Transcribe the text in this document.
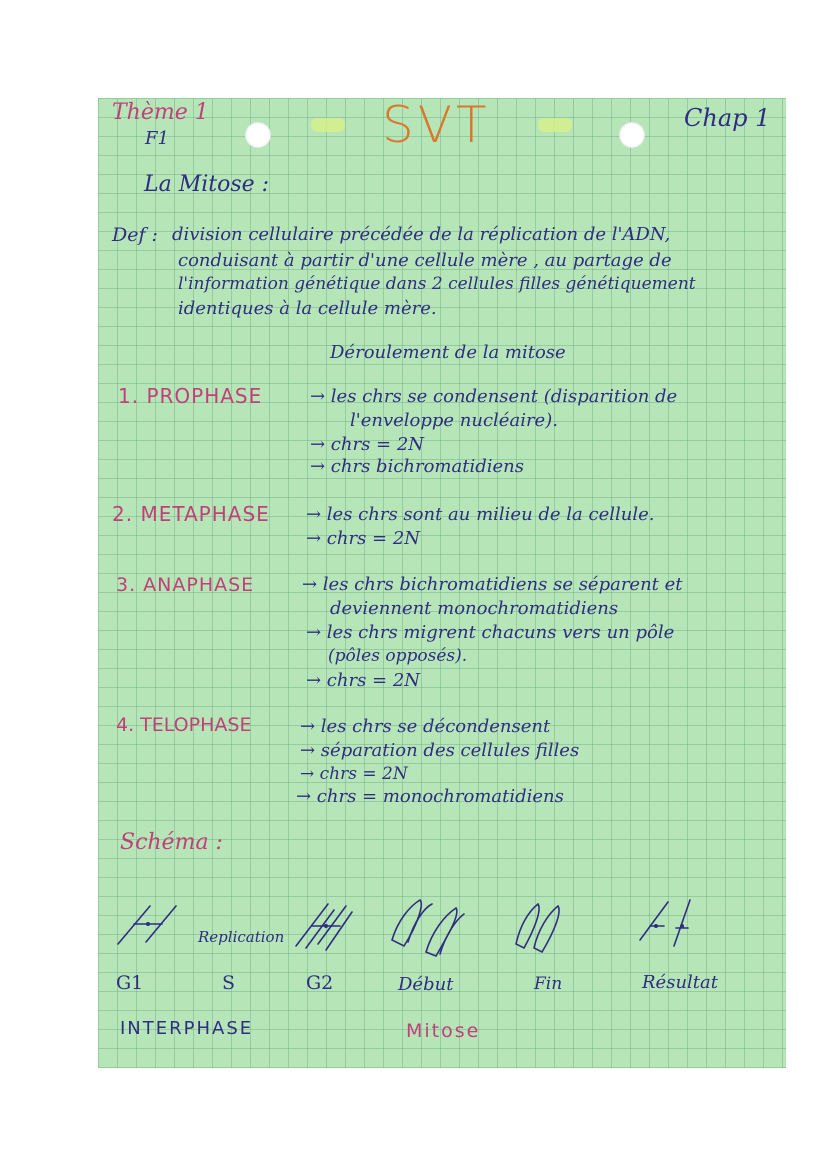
Thème 1
F1	SVT	Chap 1
La Mitose :
Def : division cellulaire précédée de la réplication de l'ADN,
conduisant à partir d'une cellule mère , au partage de
l'information génétique dans 2 cellules filles génétiquement
identiques à la cellule mère.
Déroulement de la mitose
1. PROPHASE	→ les chrs se condensent (disparition de
l'enveloppe nucléaire).
→ chrs = 2N
→ chrs bichromatidiens
2. METAPHASE → les chrs sont au milieu de la cellule.
→ chrs = 2N
3. ANAPHASE	→ les chrs bichromatidiens se séparent et
deviennent monochromatidiens
→ les chrs migrent chacuns vers un pôle
(pôles opposés).
→ chrs = 2N
4. TELOPHASE	→ les chrs se décondensent
→ séparation des cellules filles
→ chrs = 2N
→ chrs = monochromatidiens
Schéma :
Replication
G1	S	G2	Début	Fin	Résultat
INTERPHASE	Mitose
